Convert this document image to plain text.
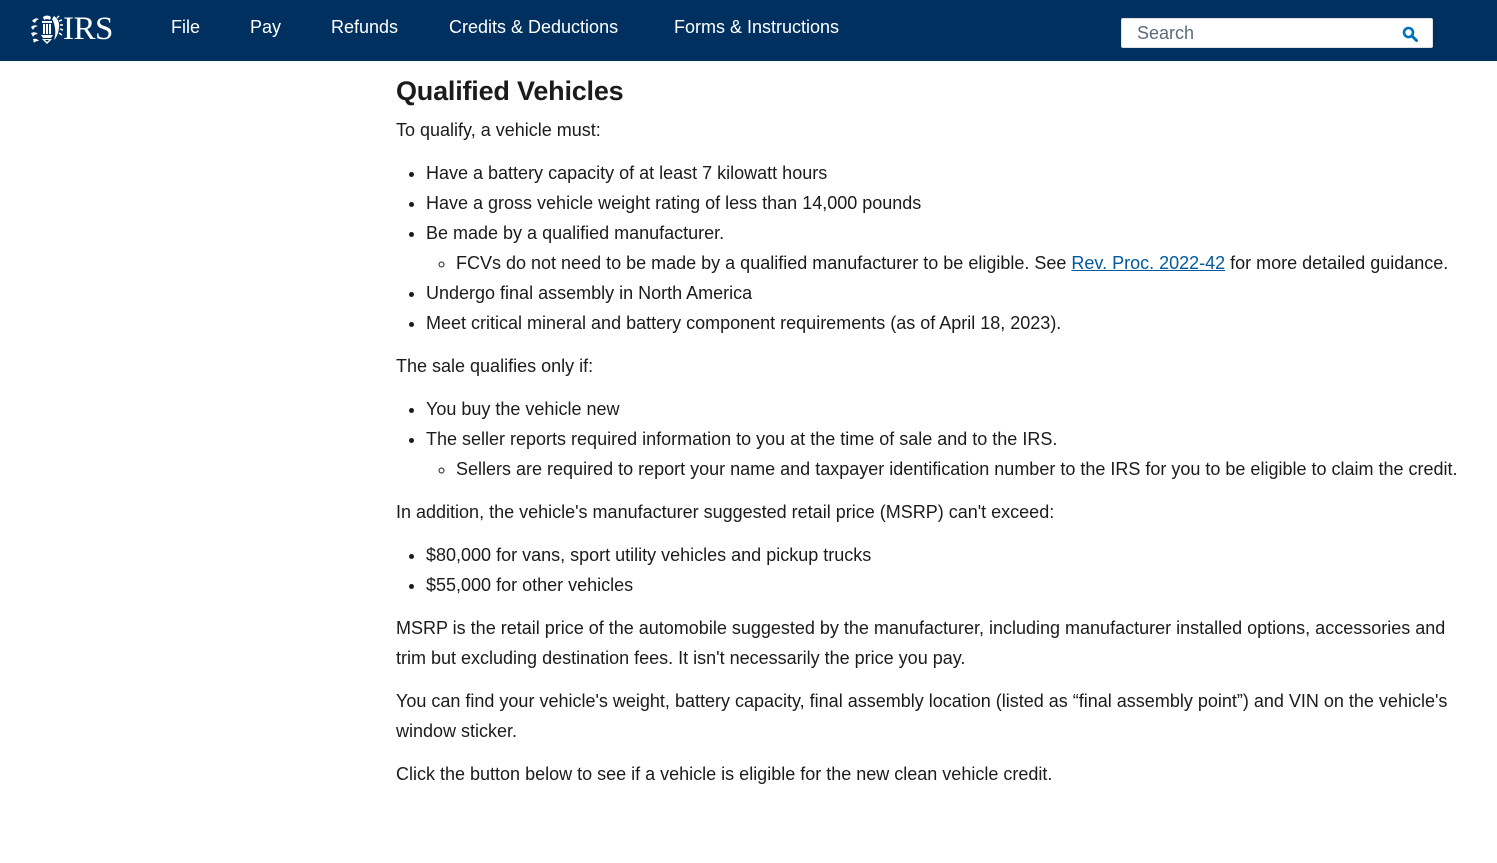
IRS	File	Pay	Refunds	Credits & Deductions	Forms & Instructions
Search
Qualified Vehicles

To qualify, a vehicle must:

• Have a battery capacity of at least 7 kilowatt hours
• Have a gross vehicle weight rating of less than 14,000 pounds
• Be made by a qualified manufacturer.
◦ FCVs do not need to be made by a qualified manufacturer to be eligible. See Rev. Proc. 2022-42 for more detailed guidance.
• Undergo final assembly in North America
• Meet critical mineral and battery component requirements (as of April 18, 2023).

The sale qualifies only if:

• You buy the vehicle new
• The seller reports required information to you at the time of sale and to the IRS.
◦ Sellers are required to report your name and taxpayer identification number to the IRS for you to be eligible to claim the credit.

In addition, the vehicle's manufacturer suggested retail price (MSRP) can't exceed:

• $80,000 for vans, sport utility vehicles and pickup trucks
• $55,000 for other vehicles

MSRP is the retail price of the automobile suggested by the manufacturer, including manufacturer installed options, accessories and trim but excluding destination fees. It isn't necessarily the price you pay.

You can find your vehicle's weight, battery capacity, final assembly location (listed as “final assembly point”) and VIN on the vehicle's window sticker.

Click the button below to see if a vehicle is eligible for the new clean vehicle credit.
